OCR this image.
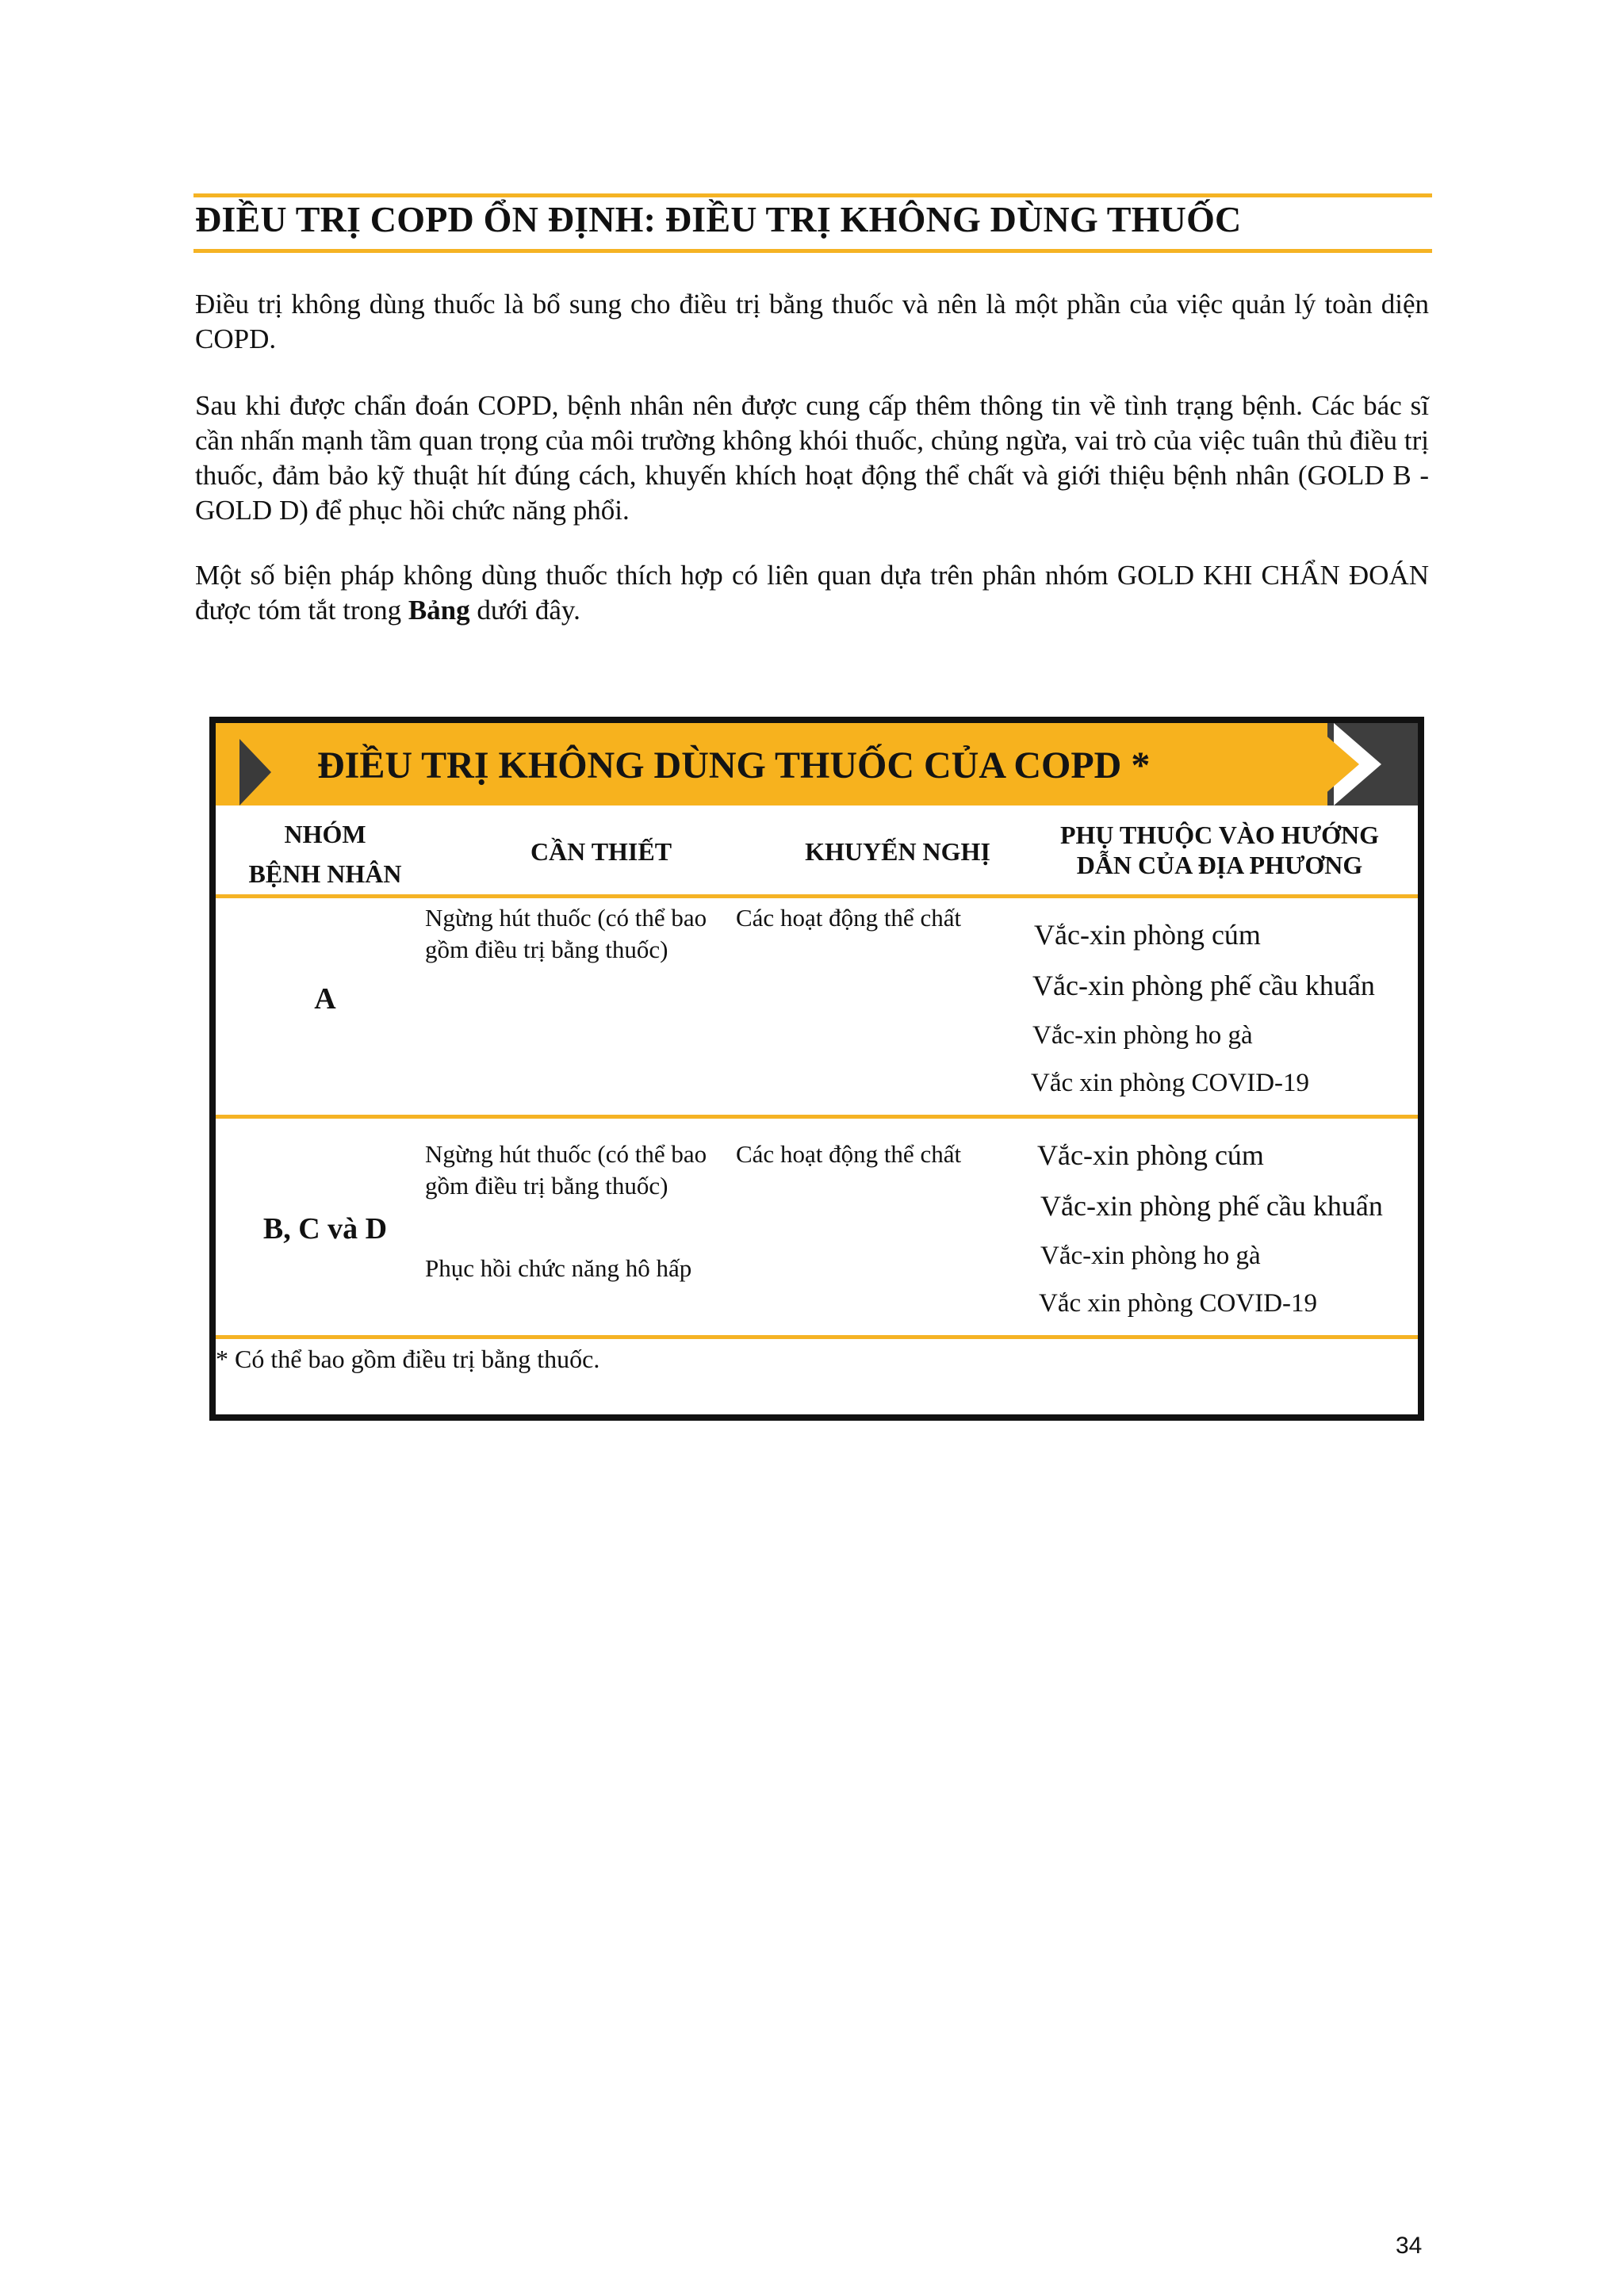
ĐIỀU TRỊ COPD ỔN ĐỊNH: ĐIỀU TRỊ KHÔNG DÙNG THUỐC
Điều trị không dùng thuốc là bổ sung cho điều trị bằng thuốc và nên là một phần của việc quản lý toàn diện COPD.
Sau khi được chẩn đoán COPD, bệnh nhân nên được cung cấp thêm thông tin về tình trạng bệnh. Các bác sĩ cần nhấn mạnh tầm quan trọng của môi trường không khói thuốc, chủng ngừa, vai trò của việc tuân thủ điều trị thuốc, đảm bảo kỹ thuật hít đúng cách, khuyến khích hoạt động thể chất và giới thiệu bệnh nhân (GOLD B - GOLD D) để phục hồi chức năng phổi.
Một số biện pháp không dùng thuốc thích hợp có liên quan dựa trên phân nhóm GOLD KHI CHẨN ĐOÁN được tóm tắt trong Bảng dưới đây.
ĐIỀU TRỊ KHÔNG DÙNG THUỐC CỦA COPD *
NHÓM
BỆNH NHÂN
CẦN THIẾT	KHUYẾN NGHỊ
PHỤ THUỘC VÀO HƯỚNG
DẪN CỦA ĐỊA PHƯƠNG
A
Ngừng hút thuốc (có thể bao gồm điều trị bằng thuốc)
Các hoạt động thể chất
Vắc-xin phòng cúm
Vắc-xin phòng phế cầu khuẩn
Vắc-xin phòng ho gà
Vắc xin phòng COVID-19
B, C và D
Ngừng hút thuốc (có thể bao gồm điều trị bằng thuốc)
Phục hồi chức năng hô hấp
Các hoạt động thể chất	Vắc-xin phòng cúm
Vắc-xin phòng phế cầu khuẩn
Vắc-xin phòng ho gà
Vắc xin phòng COVID-19
* Có thể bao gồm điều trị bằng thuốc.
34
